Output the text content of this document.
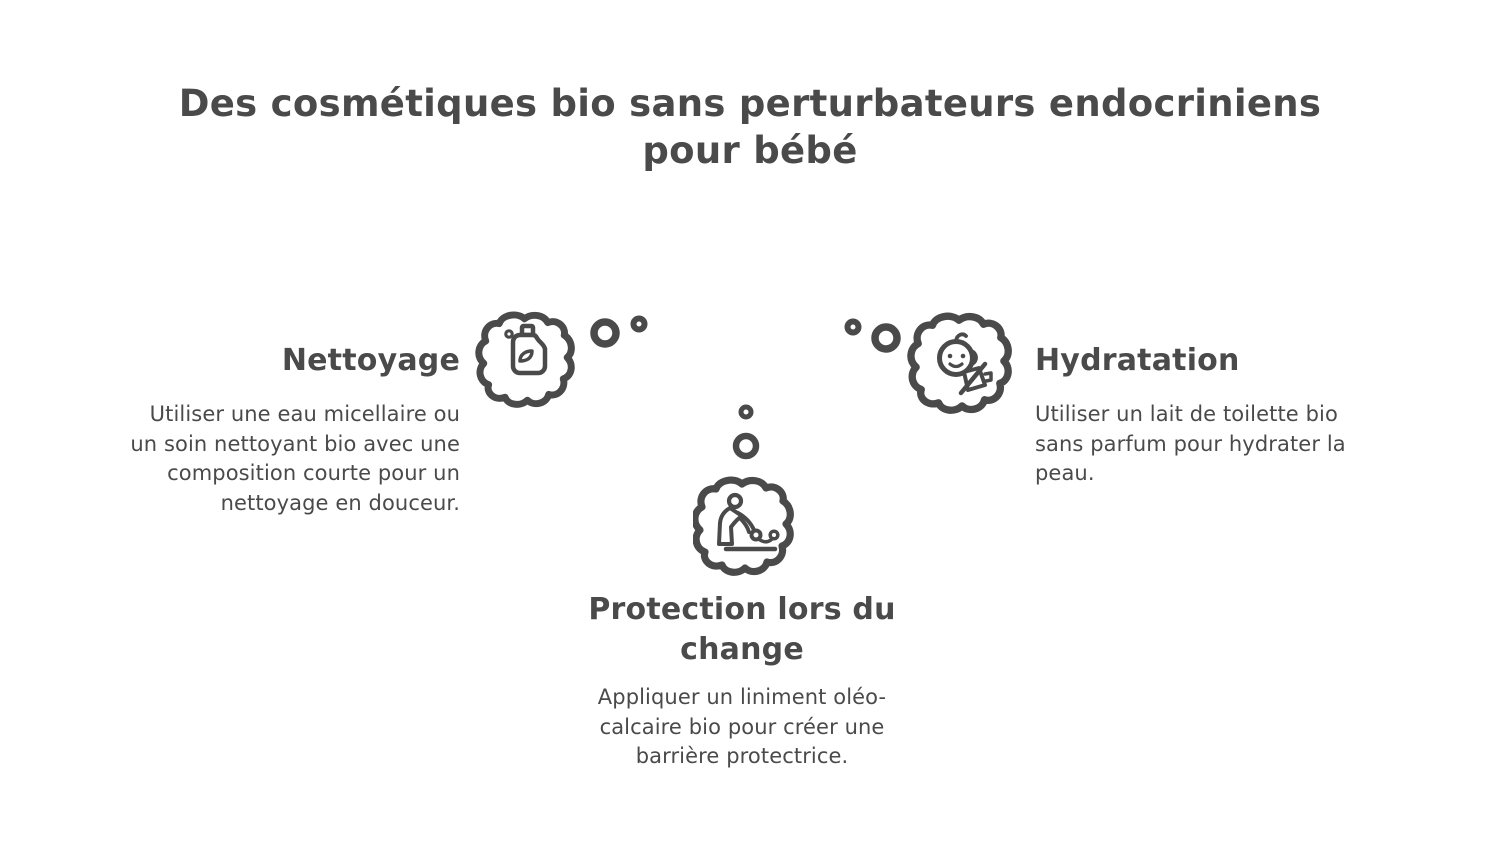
Des cosmétiques bio sans perturbateurs endocriniens
pour bébé
Nettoyage
Utiliser une eau micellaire ou un soin nettoyant bio avec une composition courte pour un nettoyage en douceur.
Protection lors du change
Appliquer un liniment oléo-calcaire bio pour créer une barrière protectrice.
Hydratation
Utiliser un lait de toilette bio sans parfum pour hydrater la peau.
